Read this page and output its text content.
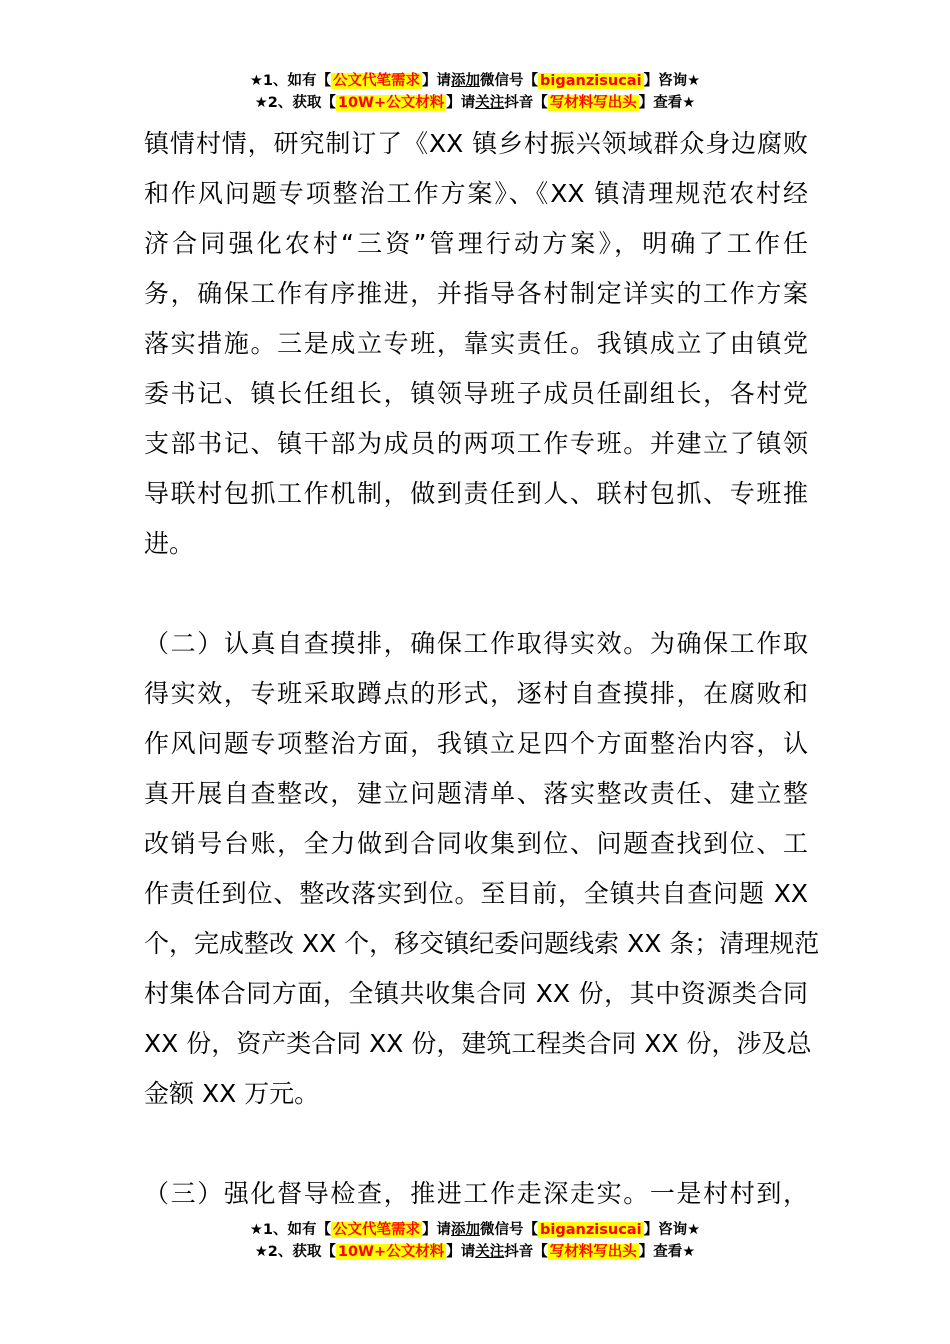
★1、如有【 公文代笔需求 】请添加微信号【 biganzisucai 】咨询★
★2、获取【 10W+公文材料 】请关注抖音【 写材料写出头 】查看★
镇情村情，研究制订了《XX 镇乡村振兴领域群众身边腐败
和作风问题专项整治工作方案》、《XX 镇清理规范农村经
济合同强化农村“三资”管理行动方案》，明确了工作任
务，确保工作有序推进，并指导各村制定详实的工作方案
落实措施。三是成立专班，靠实责任。我镇成立了由镇党
委书记、镇长任组长，镇领导班子成员任副组长，各村党
支部书记、镇干部为成员的两项工作专班。并建立了镇领
导联村包抓工作机制，做到责任到人、联村包抓、专班推
进。
（二）认真自查摸排，确保工作取得实效。为确保工作取
得实效，专班采取蹲点的形式，逐村自查摸排，在腐败和
作风问题专项整治方面，我镇立足四个方面整治内容，认
真开展自查整改，建立问题清单、落实整改责任、建立整
改销号台账，全力做到合同收集到位、问题查找到位、工
作责任到位、整改落实到位。至目前，全镇共自查问题 XX
个，完成整改 XX 个，移交镇纪委问题线索 XX 条；清理规范
村集体合同方面，全镇共收集合同 XX 份，其中资源类合同
XX 份，资产类合同 XX 份，建筑工程类合同 XX 份，涉及总
金额 XX 万元。
（三）强化督导检查，推进工作走深走实。一是村村到，
★1、如有【 公文代笔需求 】请添加微信号【 biganzisucai 】咨询★
★2、获取【 10W+公文材料 】请关注抖音【 写材料写出头 】查看★
